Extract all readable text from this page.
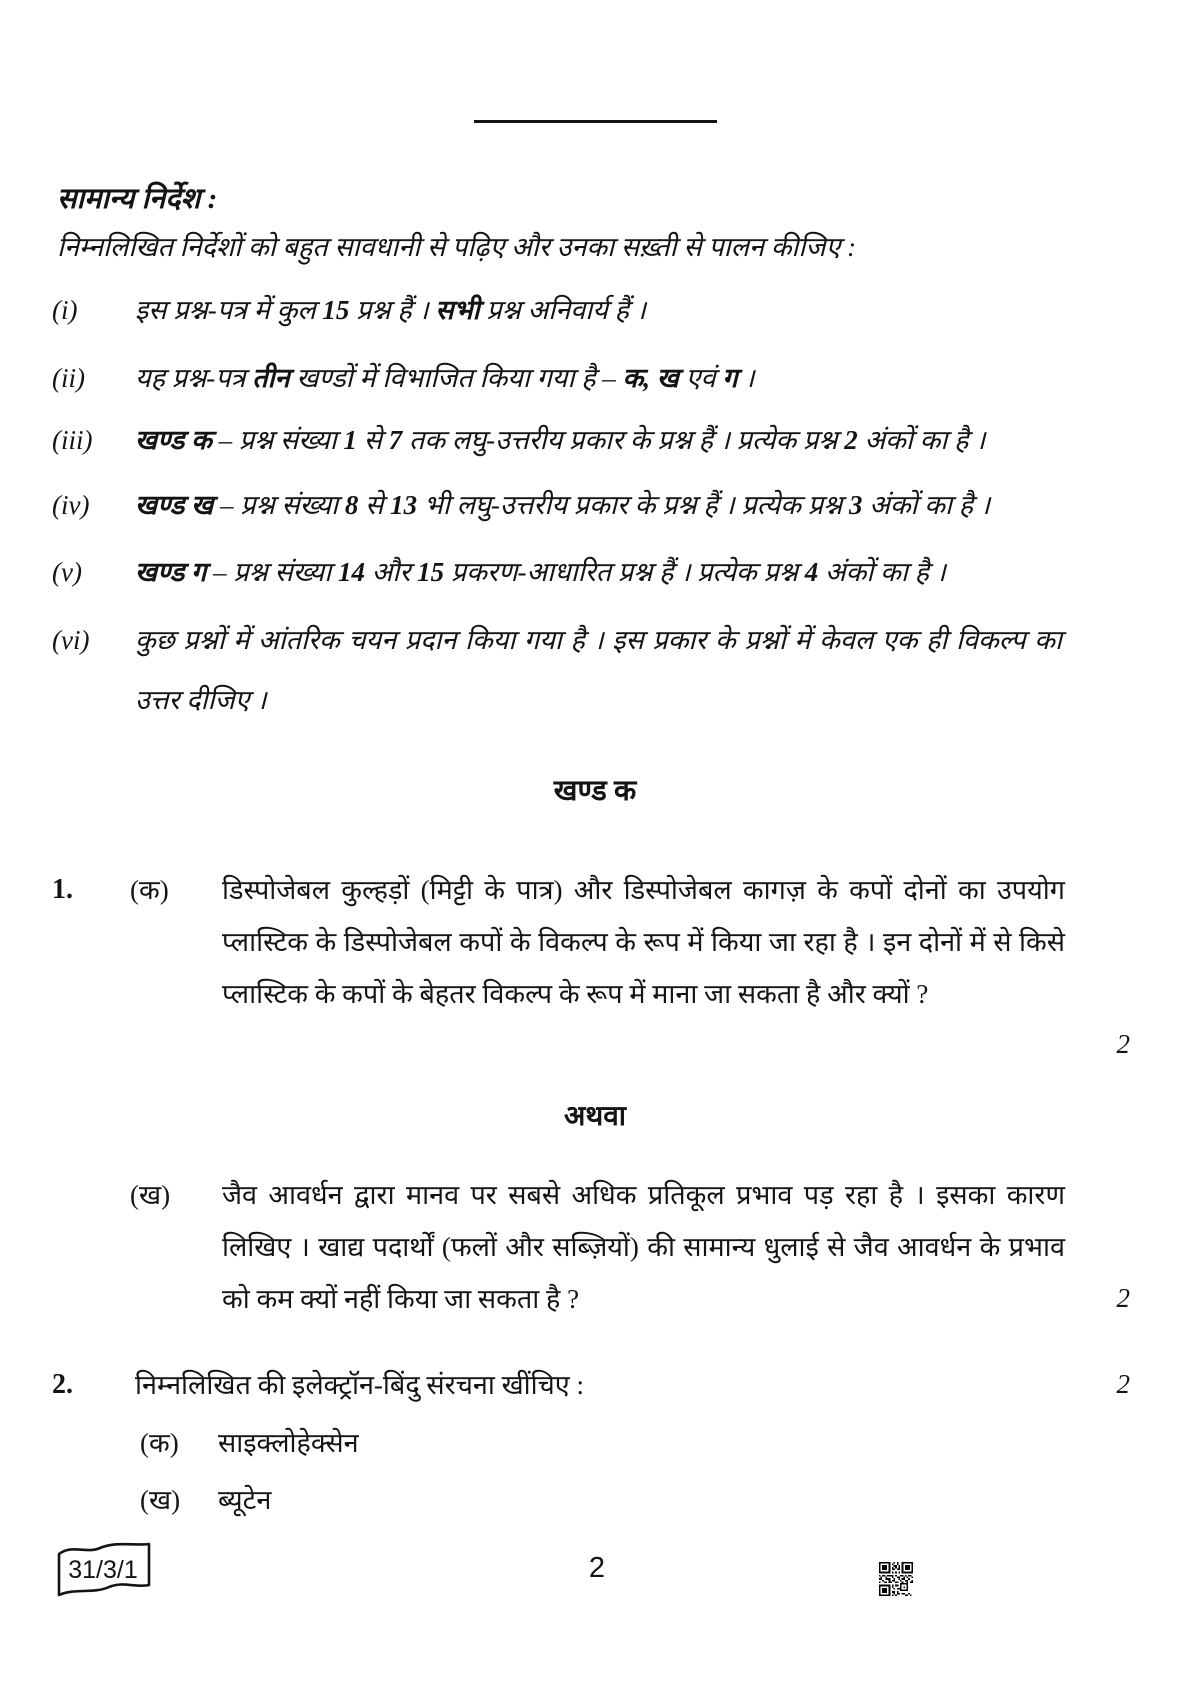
सामान्य निर्देश :
निम्नलिखित निर्देशों को बहुत सावधानी से पढ़िए और उनका सख़्ती से पालन कीजिए :
(i)	इस प्रश्न-पत्र में कुल 15 प्रश्न हैं । सभी प्रश्न अनिवार्य हैं ।
(ii)	यह प्रश्न-पत्र तीन खण्डों में विभाजित किया गया है – क, ख एवं ग ।
(iii)	खण्ड क – प्रश्न संख्या 1 से 7 तक लघु-उत्तरीय प्रकार के प्रश्न हैं । प्रत्येक प्रश्न 2 अंकों का है ।
(iv)	खण्ड ख – प्रश्न संख्या 8 से 13 भी लघु-उत्तरीय प्रकार के प्रश्न हैं । प्रत्येक प्रश्न 3 अंकों का है ।
(v)	खण्ड ग – प्रश्न संख्या 14 और 15 प्रकरण-आधारित प्रश्न हैं । प्रत्येक प्रश्न 4 अंकों का है ।
(vi)	कुछ प्रश्नों में आंतरिक चयन प्रदान किया गया है । इस प्रकार के प्रश्नों में केवल एक ही विकल्प का उत्तर दीजिए ।
खण्ड क
1. (क) डिस्पोजेबल कुल्हड़ों (मिट्टी के पात्र) और डिस्पोजेबल कागज़ के कपों दोनों का उपयोग प्लास्टिक के डिस्पोजेबल कपों के विकल्प के रूप में किया जा रहा है । इन दोनों में से किसे प्लास्टिक के कपों के बेहतर विकल्प के रूप में माना जा सकता है और क्यों ?
2
अथवा
(ख) जैव आवर्धन द्वारा मानव पर सबसे अधिक प्रतिकूल प्रभाव पड़ रहा है । इसका कारण लिखिए । खाद्य पदार्थों (फलों और सब्ज़ियों) की सामान्य धुलाई से जैव आवर्धन के प्रभाव को कम क्यों नहीं किया जा सकता है ?	2
2. निम्नलिखित की इलेक्ट्रॉन-बिंदु संरचना खींचिए :	2
(क) साइक्लोहेक्सेन
(ख) ब्यूटेन
31/3/1	2
